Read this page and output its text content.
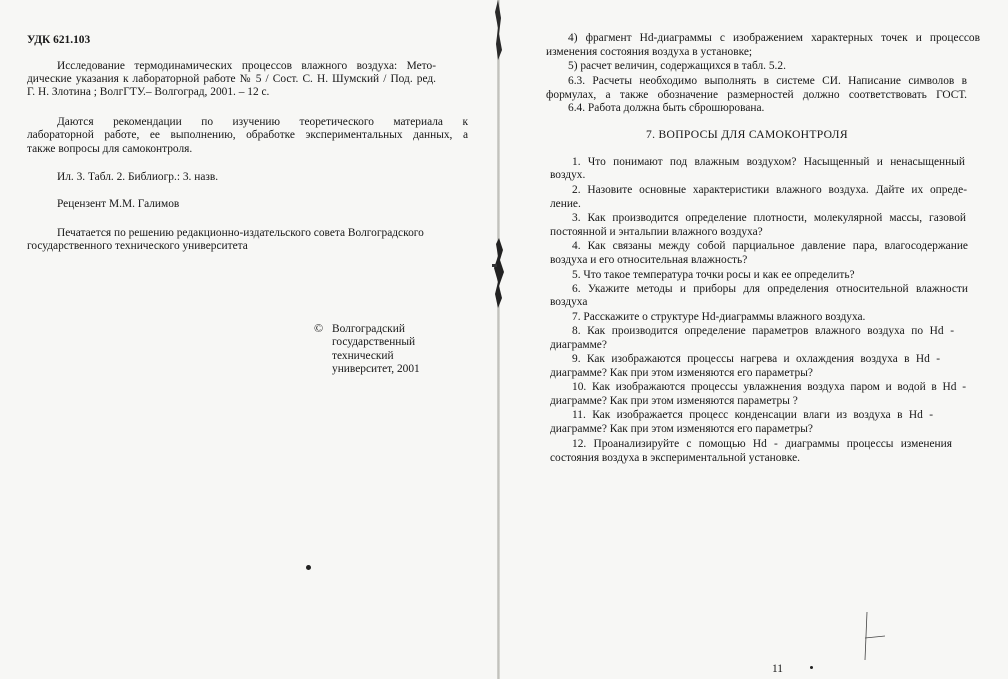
УДК 621.103
Исследование термодинамических процессов влажного воздуха: Мето-
дические указания к лабораторной работе № 5 / Сост. С. Н. Шумский / Под. ред.
Г. Н. Злотина ; ВолгГТУ.– Волгоград, 2001. – 12 с.
Даются рекомендации по изучению теоретического материала к
лабораторной работе, ее выполнению, обработке экспериментальных данных, а
также вопросы для самоконтроля.
Ил. 3. Табл. 2. Библиогр.: 3. назв.
Рецензент М.М. Галимов
Печатается по решению редакционно-издательского совета Волгоградского
государственного технического университета
© Волгоградский
государственный
технический
университет, 2001
4) фрагмент Hd-диаграммы с изображением характерных точек и процессов
изменения состояния воздуха в установке;
5) расчет величин, содержащихся в табл. 5.2.
6.3. Расчеты необходимо выполнять в системе СИ. Написание символов в
формулах, а также обозначение размерностей должно соответствовать ГОСТ.
6.4. Работа должна быть сброшюрована.
7. ВОПРОСЫ ДЛЯ САМОКОНТРОЛЯ
1. Что понимают под влажным воздухом? Насыщенный и ненасыщенный
воздух.
2. Назовите основные характеристики влажного воздуха. Дайте их опреде-
ление.
3. Как производится определение плотности, молекулярной массы, газовой
постоянной и энтальпии влажного воздуха?
4. Как связаны между собой парциальное давление пара, влагосодержание
воздуха и его относительная влажность?
5. Что такое температура точки росы и как ее определить?
6. Укажите методы и приборы для определения относительной влажности
воздуха
7. Расскажите о структуре Hd-диаграммы влажного воздуха.
8. Как производится определение параметров влажного воздуха по Hd -
диаграмме?
9. Как изображаются процессы нагрева и охлаждения воздуха в Hd -
диаграмме? Как при этом изменяются его параметры?
10. Как изображаются процессы увлажнения воздуха паром и водой в Hd -
диаграмме? Как при этом изменяются параметры ?
11. Как изображается процесс конденсации влаги из воздуха в Hd -
диаграмме? Как при этом изменяются его параметры?
12. Проанализируйте с помощью Hd - диаграммы процессы изменения
состояния воздуха в экспериментальной установке.
11
